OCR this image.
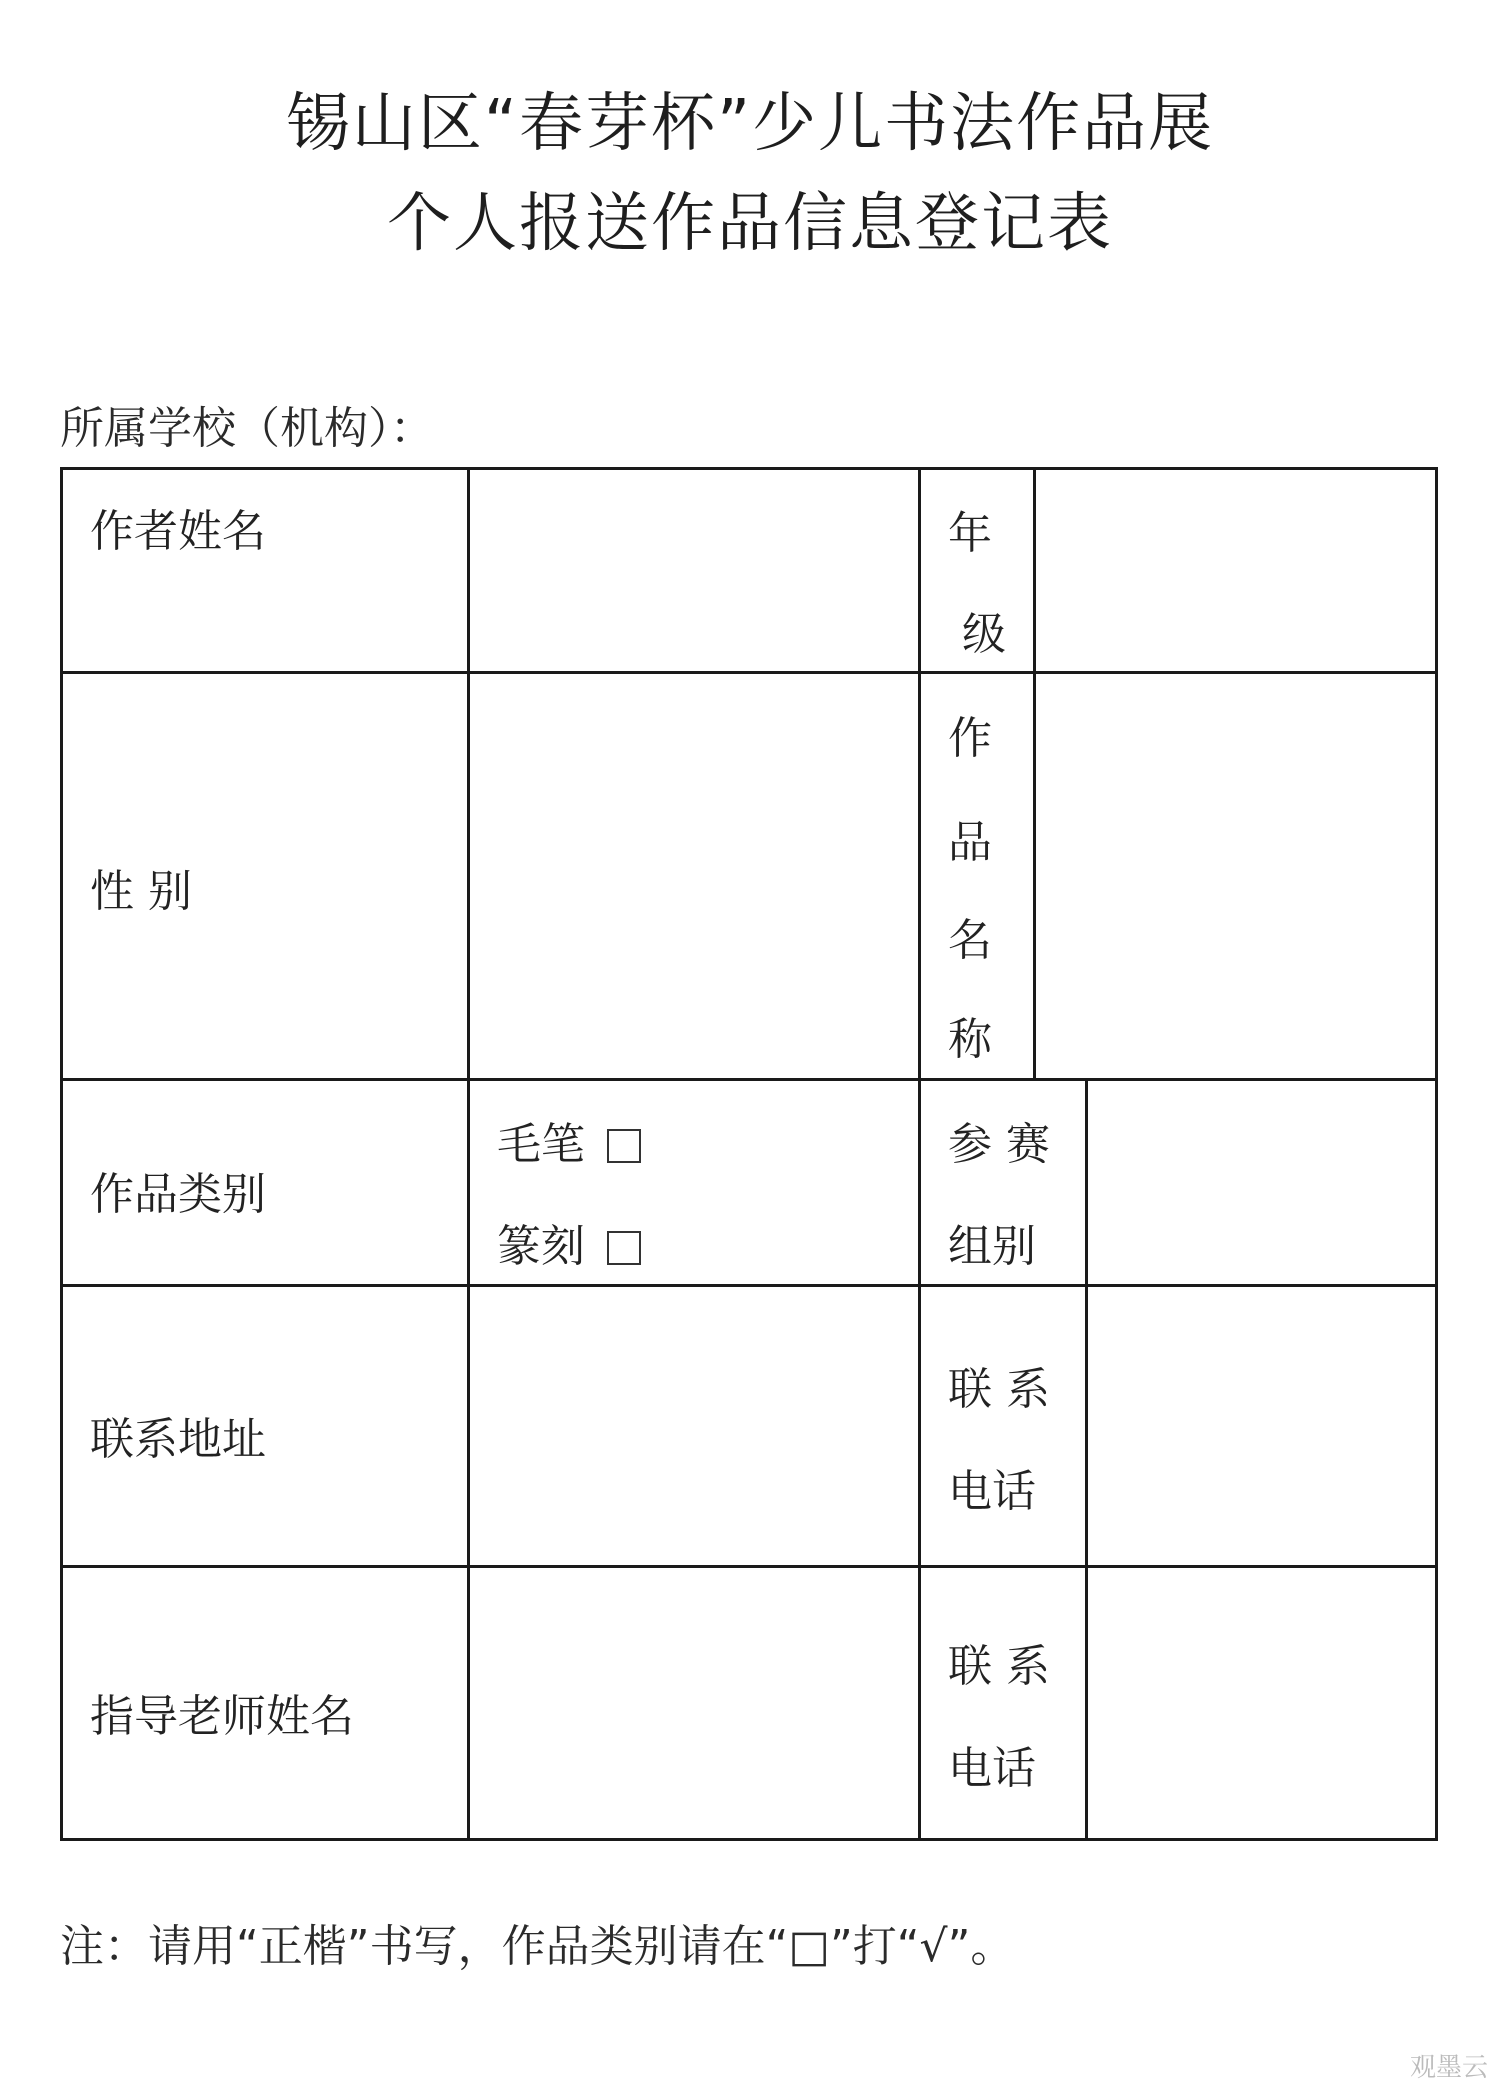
锡山区“春芽杯”少儿书法作品展
个人报送作品信息登记表
所属学校（机构）：
作者姓名	年
级
性 别
作
品
名
称
作品类别
毛笔
篆刻
参 赛
组别
联系地址
联 系
电话
指导老师姓名
联 系
电话
注：请用“正楷”书写，作品类别请在“□”打“√”。
观墨云
